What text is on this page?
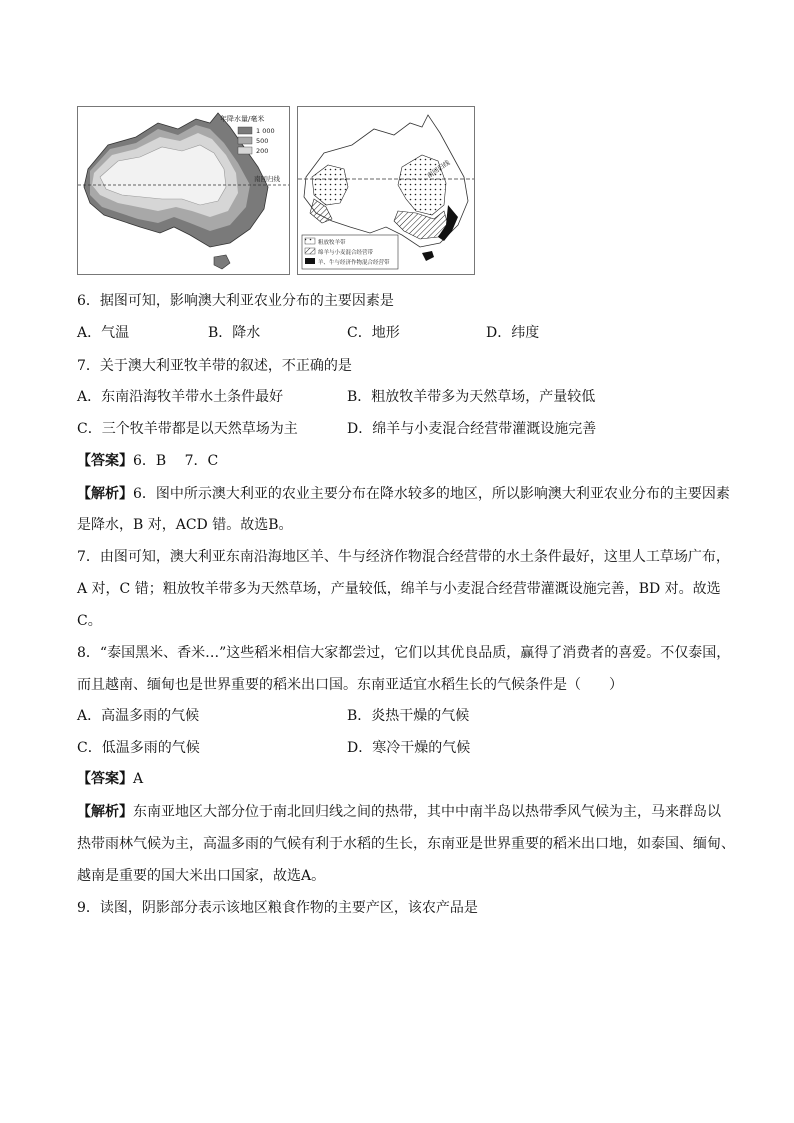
南回归线
年降水量/毫米
1 000
500
200
南回归线
粗放牧羊带
绵羊与小麦混合经营带
羊、牛与经济作物混合经营带
6．据图可知，影响澳大利亚农业分布的主要因素是
A．气温	B．降水	C．地形	D．纬度
7．关于澳大利亚牧羊带的叙述，不正确的是
A．东南沿海牧羊带水土条件最好	B．粗放牧羊带多为天然草场，产量较低
C．三个牧羊带都是以天然草场为主	D．绵羊与小麦混合经营带灌溉设施完善
【答案】6．B　 7．C
【解析】6．图中所示澳大利亚的农业主要分布在降水较多的地区，所以影响澳大利亚农业分布的主要因素
是降水，B 对，ACD 错。故选B。
7．由图可知，澳大利亚东南沿海地区羊、牛与经济作物混合经营带的水土条件最好，这里人工草场广布，
A 对，C 错；粗放牧羊带多为天然草场，产量较低，绵羊与小麦混合经营带灌溉设施完善，BD 对。故选
C。
8．“泰国黑米、香米…”这些稻米相信大家都尝过，它们以其优良品质，赢得了消费者的喜爱。不仅泰国，
而且越南、缅甸也是世界重要的稻米出口国。东南亚适宜水稻生长的气候条件是（　　）
A．高温多雨的气候	B．炎热干燥的气候
C．低温多雨的气候	D．寒冷干燥的气候
【答案】A
【解析】东南亚地区大部分位于南北回归线之间的热带，其中中南半岛以热带季风气候为主，马来群岛以
热带雨林气候为主，高温多雨的气候有利于水稻的生长，东南亚是世界重要的稻米出口地，如泰国、缅甸、
越南是重要的国大米出口国家，故选A。
9．读图，阴影部分表示该地区粮食作物的主要产区，该农产品是
